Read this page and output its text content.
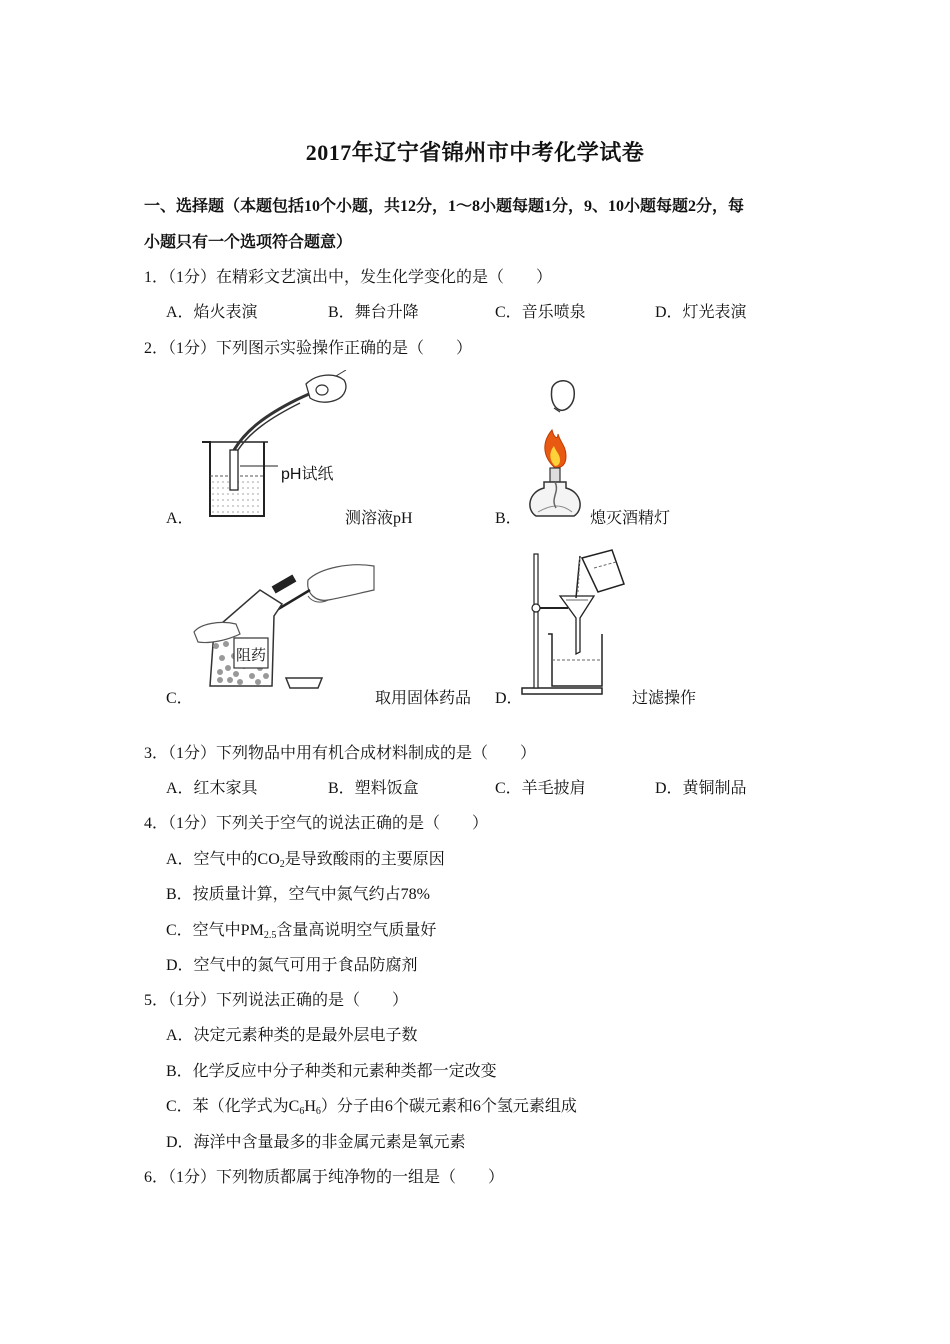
2017年辽宁省锦州市中考化学试卷
一、选择题（本题包括10个小题，共12分，1～8小题每题1分，9、10小题每题2分，每
小题只有一个选项符合题意）
1．（1分）在精彩文艺演出中，发生化学变化的是（　　）
A．焰火表演	B．舞台升降	C．音乐喷泉	D．灯光表演
2．（1分）下列图示实验操作正确的是（　　）
pH试纸
A．	测溶液pH	B．	熄灭酒精灯
阻药
C．	取用固体药品 D．	过滤操作
3．（1分）下列物品中用有机合成材料制成的是（　　）
A．红木家具	B．塑料饭盒	C．羊毛披肩	D．黄铜制品
4．（1分）下列关于空气的说法正确的是（　　）
A．空气中的$CO_2$是导致酸雨的主要原因
B．按质量计算，空气中氮气约占78%
C．空气中$PM_{2.5}$含量高说明空气质量好
D．空气中的氮气可用于食品防腐剂
5．（1分）下列说法正确的是（　　）
A．决定元素种类的是最外层电子数
B．化学反应中分子种类和元素种类都一定改变
C．苯（化学式为$C_6H_6$）分子由6个碳元素和6个氢元素组成
D．海洋中含量最多的非金属元素是氧元素
6．（1分）下列物质都属于纯净物的一组是（　　）
